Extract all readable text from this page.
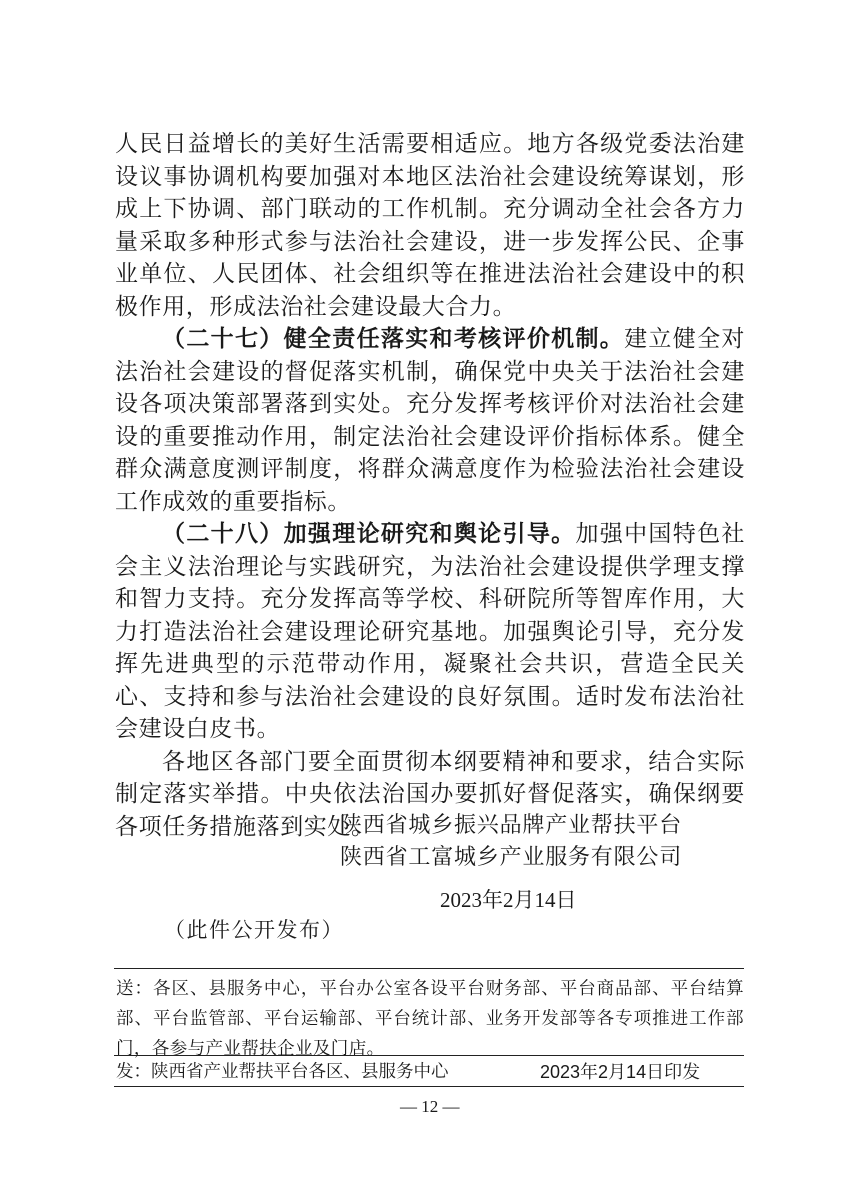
人民日益增长的美好生活需要相适应。地方各级党委法治建设议事协调机构要加强对本地区法治社会建设统筹谋划，形成上下协调、部门联动的工作机制。充分调动全社会各方力量采取多种形式参与法治社会建设，进一步发挥公民、企事业单位、人民团体、社会组织等在推进法治社会建设中的积极作用，形成法治社会建设最大合力。

（二十七）健全责任落实和考核评价机制。建立健全对法治社会建设的督促落实机制，确保党中央关于法治社会建设各项决策部署落到实处。充分发挥考核评价对法治社会建设的重要推动作用，制定法治社会建设评价指标体系。健全群众满意度测评制度，将群众满意度作为检验法治社会建设工作成效的重要指标。

（二十八）加强理论研究和舆论引导。加强中国特色社会主义法治理论与实践研究，为法治社会建设提供学理支撑和智力支持。充分发挥高等学校、科研院所等智库作用，大力打造法治社会建设理论研究基地。加强舆论引导，充分发挥先进典型的示范带动作用，凝聚社会共识，营造全民关心、支持和参与法治社会建设的良好氛围。适时发布法治社会建设白皮书。

各地区各部门要全面贯彻本纲要精神和要求，结合实际制定落实举措。中央依法治国办要抓好督促落实，确保纲要各项任务措施落到实处。

陕西省城乡振兴品牌产业帮扶平台
陕西省工富城乡产业服务有限公司
2023年2月14日
（此件公开发布）

送：各区、县服务中心，平台办公室各设平台财务部、平台商品部、平台结算部、平台监管部、平台运输部、平台统计部、业务开发部等各专项推进工作部门，各参与产业帮扶企业及门店。

发：陕西省产业帮扶平台各区、县服务中心	2023年2月14日印发
— 12 —
